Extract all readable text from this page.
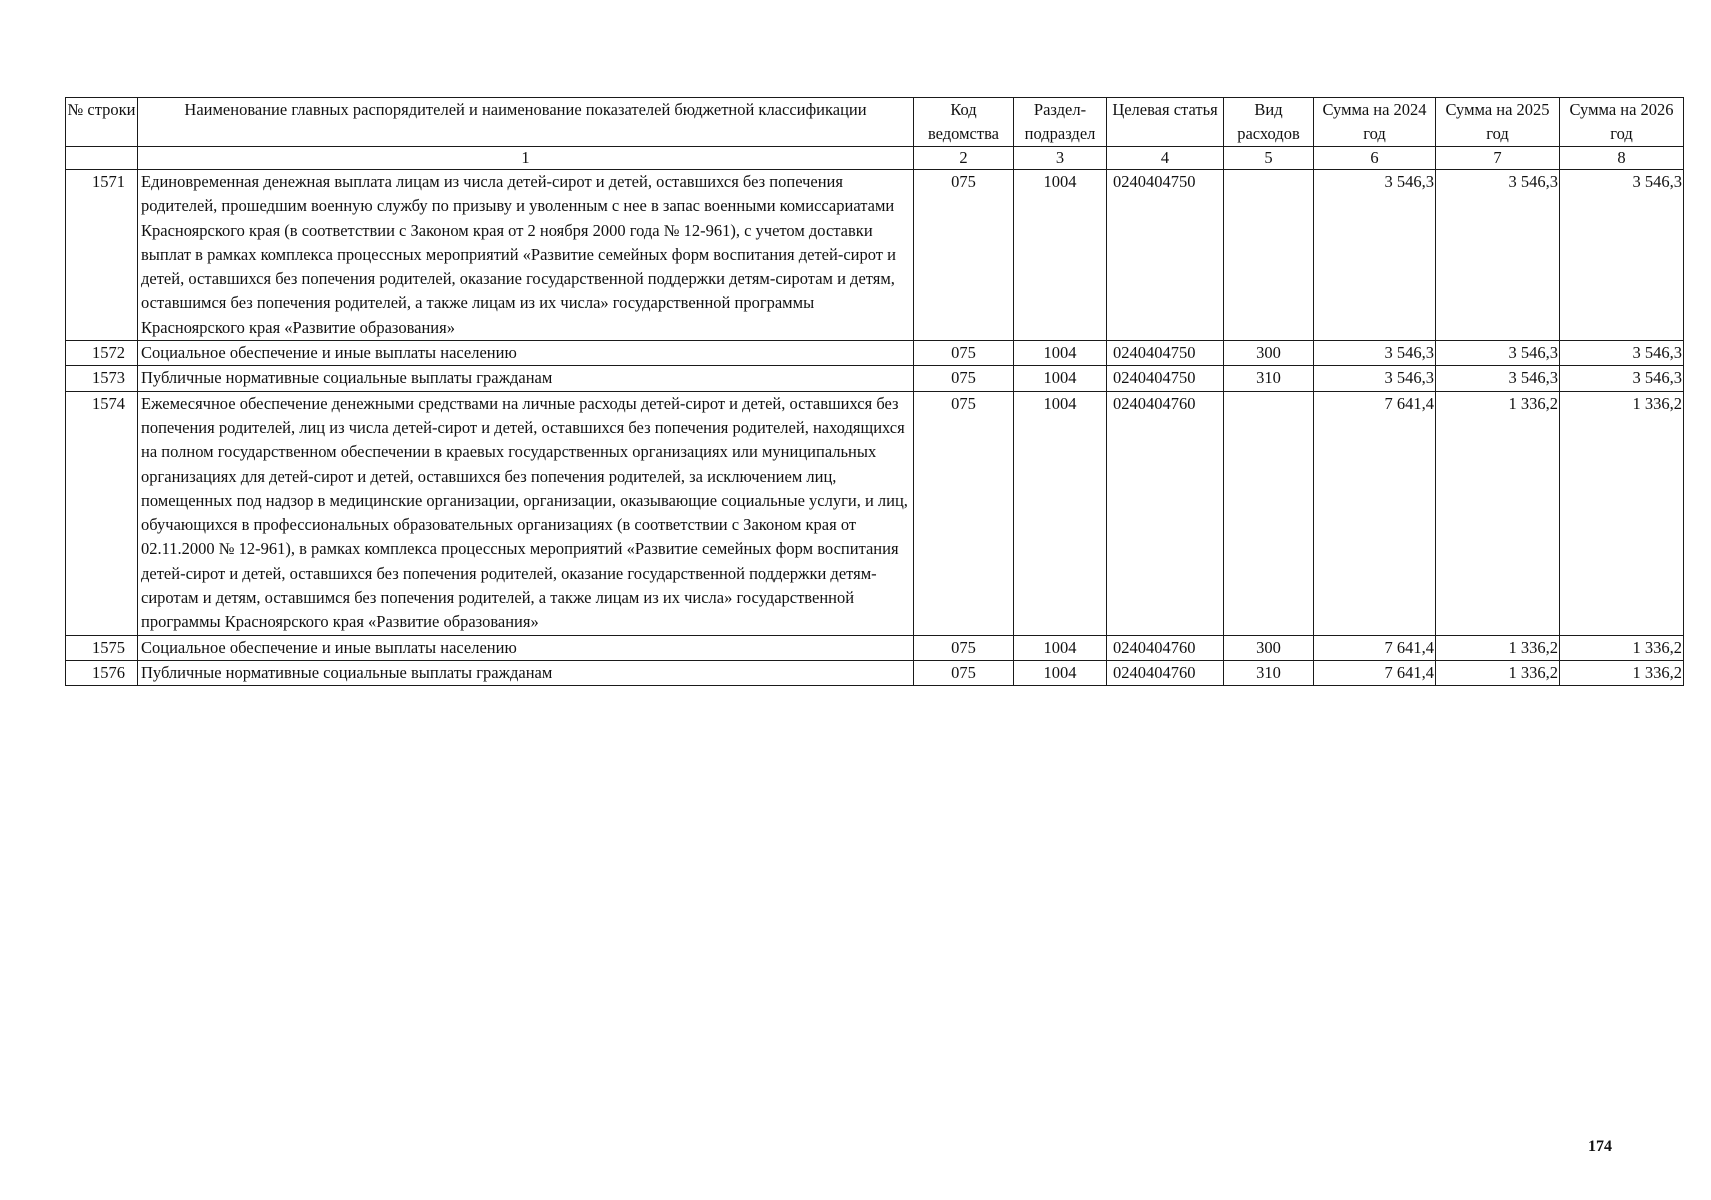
№ строки	Наименование главных распорядителей и наименование показателей бюджетной классификации	Код ведомства	Раздел-подраздел	Целевая статья	Вид расходов	Сумма на 2024 год	Сумма на 2025 год	Сумма на 2026 год
	1	2	3	4	5	6	7	8
1571	Единовременная денежная выплата лицам из числа детей-сирот и детей, оставшихся без попечения родителей, прошедшим военную службу по призыву и уволенным с нее в запас военными комиссариатами Красноярского края (в соответствии с Законом края от 2 ноября 2000 года № 12-961), с учетом доставки выплат в рамках комплекса процессных мероприятий «Развитие семейных форм воспитания детей-сирот и детей, оставшихся без попечения родителей, оказание государственной поддержки детям-сиротам и детям, оставшимся без попечения родителей, а также лицам из их числа» государственной программы Красноярского края «Развитие образования»	075	1004	0240404750		3 546,3	3 546,3	3 546,3
1572	Социальное обеспечение и иные выплаты населению	075	1004	0240404750	300	3 546,3	3 546,3	3 546,3
1573	Публичные нормативные социальные выплаты гражданам	075	1004	0240404750	310	3 546,3	3 546,3	3 546,3
1574	Ежемесячное обеспечение денежными средствами на личные расходы детей-сирот и детей, оставшихся без попечения родителей, лиц из числа детей-сирот и детей, оставшихся без попечения родителей, находящихся на полном государственном обеспечении в краевых государственных организациях или муниципальных организациях для детей-сирот и детей, оставшихся без попечения родителей, за исключением лиц, помещенных под надзор в медицинские организации, организации, оказывающие социальные услуги, и лиц, обучающихся в профессиональных образовательных организациях (в соответствии с Законом края от 02.11.2000 № 12-961), в рамках комплекса процессных мероприятий «Развитие семейных форм воспитания детей-сирот и детей, оставшихся без попечения родителей, оказание государственной поддержки детям-сиротам и детям, оставшимся без попечения родителей, а также лицам из их числа» государственной программы Красноярского края «Развитие образования»	075	1004	0240404760		7 641,4	1 336,2	1 336,2
1575	Социальное обеспечение и иные выплаты населению	075	1004	0240404760	300	7 641,4	1 336,2	1 336,2
1576	Публичные нормативные социальные выплаты гражданам	075	1004	0240404760	310	7 641,4	1 336,2	1 336,2
174
